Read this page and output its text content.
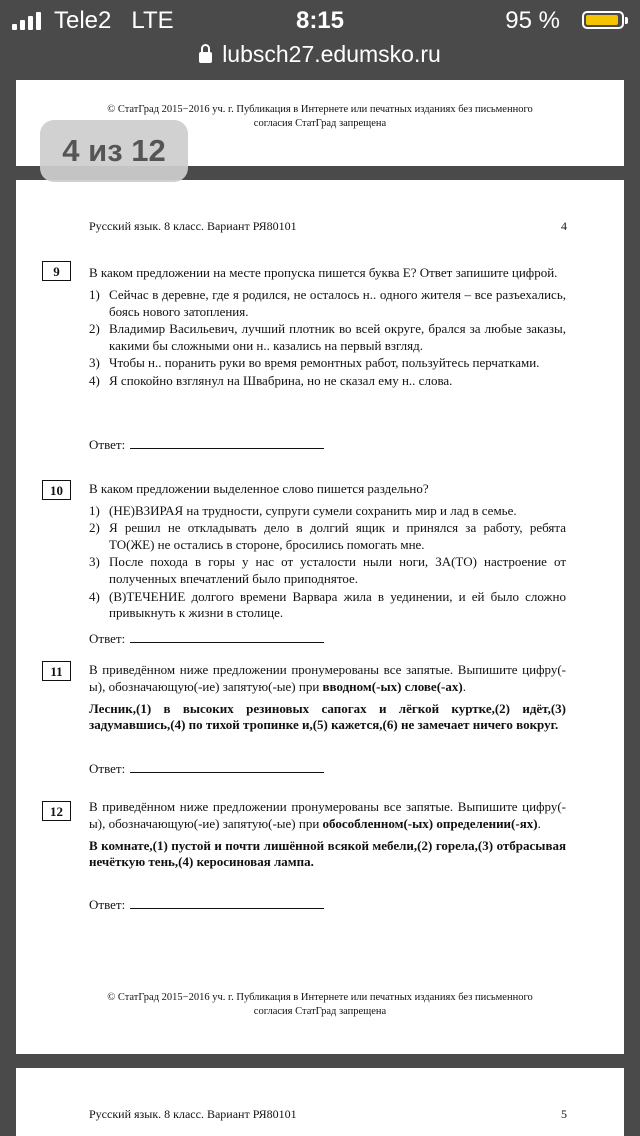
Tele2 LTE	8:15	95 %
lubsch27.edumsko.ru
© СтатГрад 2015−2016 уч. г. Публикация в Интернете или печатных изданиях без письменного
согласия СтатГрад запрещена
Русский язык. 8 класс. Вариант РЯ80101	4
9	В каком предложении на месте пропуска пишется буква Е? Ответ запишите цифрой.

1) Сейчас в деревне, где я родился, не осталось н.. одного жителя – все разъехались, боясь нового затопления.
2) Владимир Васильевич, лучший плотник во всей округе, брался за любые заказы, какими бы сложными они н.. казались на первый взгляд.
3) Чтобы н.. поранить руки во время ремонтных работ, пользуйтесь перчатками.
4) Я спокойно взглянул на Швабрина, но не сказал ему н.. слова.
Ответ:
10	В каком предложении выделенное слово пишется раздельно?

1) (НЕ)ВЗИРАЯ на трудности, супруги сумели сохранить мир и лад в семье.
2) Я решил не откладывать дело в долгий ящик и принялся за работу, ребята ТО(ЖЕ) не остались в стороне, бросились помогать мне.
3) После похода в горы у нас от усталости ныли ноги, ЗА(ТО) настроение от полученных впечатлений было приподнятое.
4) (В)ТЕЧЕНИЕ долгого времени Варвара жила в уединении, и ей было сложно привыкнуть к жизни в столице.
Ответ:
11	В приведённом ниже предложении пронумерованы все запятые. Выпишите цифру(-ы), обозначающую(-ие) запятую(-ые) при вводном(-ых) слове(-ах).

Лесник,(1) в высоких резиновых сапогах и лёгкой куртке,(2) идёт,(3) задумавшись,(4) по тихой тропинке и,(5) кажется,(6) не замечает ничего вокруг.

Ответ:
12	В приведённом ниже предложении пронумерованы все запятые. Выпишите цифру(-ы), обозначающую(-ие) запятую(-ые) при обособленном(-ых) определении(-ях).

В комнате,(1) пустой и почти лишённой всякой мебели,(2) горела,(3) отбрасывая нечёткую тень,(4) керосиновая лампа.

Ответ:
© СтатГрад 2015−2016 уч. г. Публикация в Интернете или печатных изданиях без письменного
согласия СтатГрад запрещена
Русский язык. 8 класс. Вариант РЯ80101	5
4 из 12
